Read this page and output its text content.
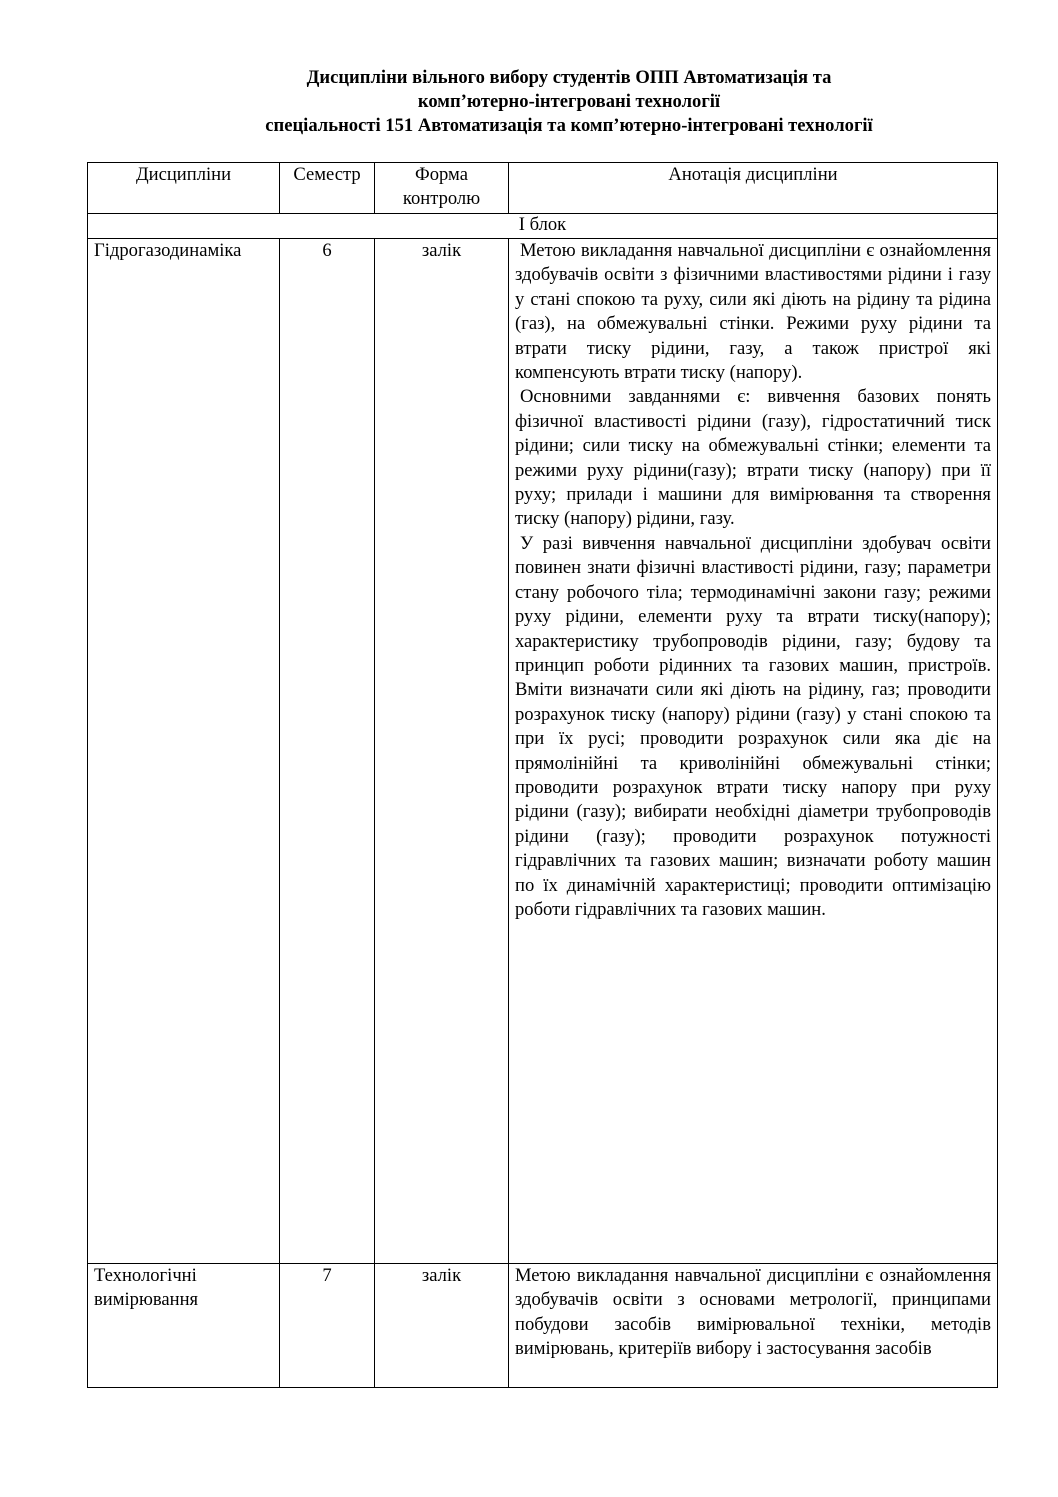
Дисципліни вільного вибору студентів ОПП Автоматизація та
комп’ютерно-інтегровані технології
спеціальності 151 Автоматизація та комп’ютерно-інтегровані технології
Дисципліни	Семестр	Форма контролю	Анотація дисципліни
І блок			
Гідрогазодинаміка	6	залік	Метою викладання навчальної дисципліни є ознайомлення здобувачів освіти з фізичними властивостями рідини і газу у стані спокою та руху, сили які діють на рідину та рідина (газ), на обмежувальні стінки. Режими руху рідини та втрати тиску рідини, газу, а також пристрої які компенсують втрати тиску (напору).

Основними завданнями є: вивчення базових понять фізичної властивості рідини (газу), гідростатичний тиск рідини; сили тиску на обмежувальні стінки; елементи та режими руху рідини(газу); втрати тиску (напору) при її руху; прилади і машини для вимірювання та створення тиску (напору) рідини, газу.

У разі вивчення навчальної дисципліни здобувач освіти повинен знати фізичні властивості рідини, газу; параметри стану робочого тіла; термодинамічні закони газу; режими руху рідини, елементи руху та втрати тиску(напору); характеристику трубопроводів рідини, газу; будову та принцип роботи рідинних та газових машин, пристроїв. Вміти визначати сили які діють на рідину, газ; проводити розрахунок тиску (напору) рідини (газу) у стані спокою та при їх русі; проводити розрахунок сили яка діє на прямолінійні та криволінійні обмежувальні стінки; проводити розрахунок втрати тиску напору при руху рідини (газу); вибирати необхідні діаметри трубопроводів рідини (газу); проводити розрахунок потужності гідравлічних та газових машин; визначати роботу машин по їх динамічній характеристиці; проводити оптимізацію роботи гідравлічних та газових машин.

Технологічні вимірювання	7	залік	Метою викладання навчальної дисципліни є ознайомлення здобувачів освіти з основами метрології, принципами побудови засобів вимірювальної техніки, методів вимірювань, критеріїв вибору і застосування засобів
